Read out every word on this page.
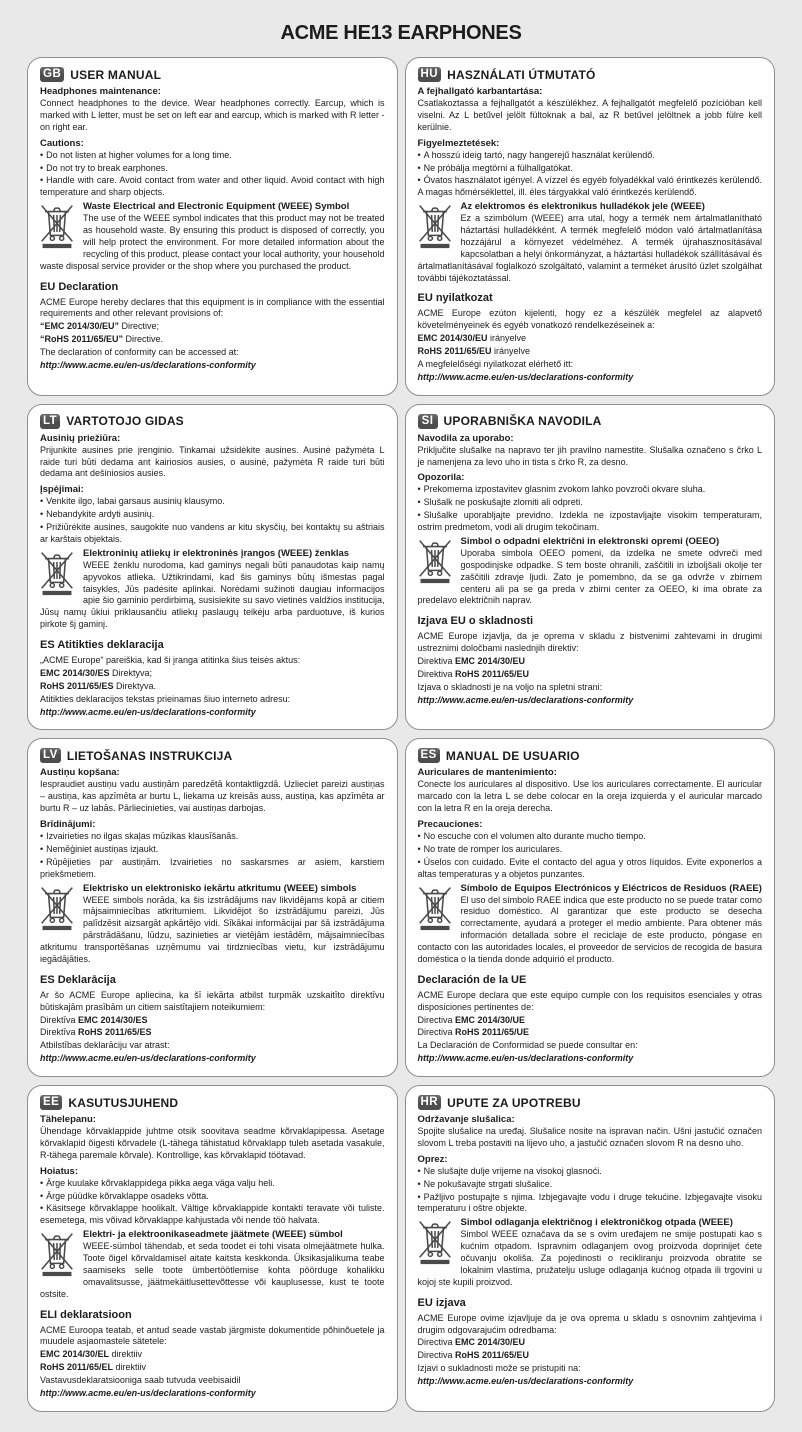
ACME HE13 EARPHONES
GB USER MANUAL
Headphones maintenance:

Connect headphones to the device. Wear headphones correctly. Earcup, which is marked with L letter, must be set on left ear and earcup, which is marked with R letter - on right ear.

Cautions:

• Do not listen at higher volumes for a long time.

• Do not try to break earphones.

• Handle with care. Avoid contact from water and other liquid. Avoid contact with high temperature and sharp objects.

Waste Electrical and Electronic Equipment (WEEE) Symbol

The use of the WEEE symbol indicates that this product may not be treated as household waste. By ensuring this product is disposed of correctly, you will help protect the environment. For more detailed information about the recycling of this product, please contact your local authority, your household waste disposal service provider or the shop where you purchased the product.

EU Declaration

ACME Europe hereby declares that this equipment is in compliance with the essential requirements and other relevant provisions of:

“EMC 2014/30/EU” Directive;

“RoHS 2011/65/EU” Directive.

The declaration of conformity can be accessed at:

http://www.acme.eu/en-us/declarations-conformity

HU HASZNÁLATI ÚTMUTATÓ
A fejhallgató karbantartása:

Csatlakoztassa a fejhallgatót a készülékhez. A fejhallgatót megfelelő pozícióban kell viselni. Az L betűvel jelölt fültoknak a bal, az R betűvel jelöltnek a jobb fülre kell kerülnie.

Figyelmeztetések:

• A hosszú ideig tartó, nagy hangerejű használat kerülendő.

• Ne próbálja megtörni a fülhallgatókat.

• Óvatos használatot igényel. A vízzel és egyéb folyadékkal való érintkezés kerülendő. A magas hőmérséklettel, ill. éles tárgyakkal való érintkezés kerülendő.

Az elektromos és elektronikus hulladékok jele (WEEE)

Ez a szimbólum (WEEE) arra utal, hogy a termék nem ártalmatlanítható háztartási hulladékként. A termék megfelelő módon való ártalmatlanítása hozzájárul a környezet védelméhez. A termék újrahasznosításával kapcsolatban a helyi önkormányzat, a háztartási hulladékok szállításával és ártalmatlanításával foglalkozó szolgáltató, valamint a terméket árusító üzlet szolgálhat további tájékoztatással.

EU nyilatkozat

ACME Europe ezúton kijelenti, hogy ez a készülék megfelel az alapvető követelményeinek és egyéb vonatkozó rendelkezéseinek a:

EMC 2014/30/EU irányelve

RoHS 2011/65/EU irányelve

A megfelelőségi nyilatkozat elérhető itt:

http://www.acme.eu/en-us/declarations-conformity

LT VARTOTOJO GIDAS
Ausinių priežiūra:

Prijunkite ausines prie įrenginio. Tinkamai užsidėkite ausines. Ausinė pažymėta L raide turi būti dedama ant kairiosios ausies, o ausinė, pažymėta R raide turi būti dedama ant dešiniosios ausies.

Įspėjimai:

• Venkite ilgo, labai garsaus ausinių klausymo.

• Nebandykite ardyti ausinių.

• Prižiūrėkite ausines, saugokite nuo vandens ar kitu skysčių, bei kontaktų su aštriais ar karštais objektais.

Elektroninių atliekų ir elektroninės įrangos (WEEE) ženklas

WEEE ženklu nurodoma, kad gaminys negali būti panaudotas kaip namų apyvokos atlieka. Užtikrindami, kad šis gaminys būtų išmestas pagal taisykles, Jūs padėsite aplinkai. Norėdami sužinoti daugiau informacijos apie šio gaminio perdirbimą, susisiekite su savo vietinės valdžios institucija, Jūsų namų ūkiui priklausančiu atliekų paslaugų teikėju arba parduotuve, iš kurios pirkote šį gaminį.

ES Atitikties deklaracija

„ACME Europe“ pareiškia, kad ši įranga atitinka šius teisės aktus:

EMC 2014/30/ES Direktyva;

RoHS 2011/65/ES Direktyva.

Atitikties deklaracijos tekstas prieinamas šiuo interneto adresu:

http://www.acme.eu/en-us/declarations-conformity

SI UPORABNIŠKA NAVODILA
Navodila za uporabo:

Priključite slušalke na napravo ter jih pravilno namestite. Slušalka označeno s črko L je namenjena za levo uho in tista s črko R, za desno.

Opozorila:

• Prekomerna izpostavitev glasnim zvokom lahko povzroči okvare sluha.

• Slušalk ne poskušajte zlomiti ali odpreti.

• Slušalke uporabljajte previdno. Izdekla ne izpostavljajte visokim temperaturam, ostrim predmetom, vodi ali drugim tekočinam.

Simbol o odpadni električni in elektronski opremi (OEEO)

Uporaba simbola OEEO pomeni, da izdelka ne smete odvreči med gospodinjske odpadke. S tem boste ohranili, zaščitili in izboljšali okolje ter zaščitili zdravje ljudi. Zato je pomembno, da se ga odvrže v zbirnem centeru ali pa se ga preda v zbirni center za OEEO, ki ima obrate za predelavo električnih naprav.

Izjava EU o skladnosti

ACME Europe izjavlja, da je oprema v skladu z bistvenimi zahtevami in drugimi ustreznimi določbami naslednjih direktiv:

Direktiva EMC 2014/30/EU

Direktiva RoHS 2011/65/EU

Izjava o skladnosti je na voljo na spletni strani:

http://www.acme.eu/en-us/declarations-conformity

LV LIETOŠANAS INSTRUKCIJA
Austiņu kopšana:

Iespraudiet austiņu vadu austiņām paredzētā kontaktligzdā. Uzlieciet pareizi austiņas – austiņa, kas apzīmēta ar burtu L, liekama uz kreisās auss, austiņa, kas apzīmēta ar burtu R – uz labās. Pārliecinieties, vai austiņas darbojas.

Brīdinājumi:

• Izvairieties no ilgas skaļas mūzikas klausīšanās.

• Nemēģiniet austiņas izjaukt.

• Rūpējieties par austiņām. Izvairieties no saskarsmes ar asiem, karstiem priekšmetiem.

Elektrisko un elektronisko iekārtu atkritumu (WEEE) simbols

WEEE simbols norāda, ka šis izstrādājums nav likvidējams kopā ar citiem mājsaimniecības atkritumiem. Likvidējot šo izstrādājumu pareizi, Jūs palīdzēsit aizsargāt apkārtējo vidi. Sīkākai informācijai par šā izstrādājuma pārstrādāšanu, lūdzu, sazinieties ar vietējām iestādēm, mājsaimniecības atkritumu transportēšanas uzņēmumu vai tirdzniecības vietu, kur izstrādājumu iegādājāties.

ES Deklarācija

Ar šo ACME Europe apliecina, ka šī iekārta atbilst turpmāk uzskaitīto direktīvu būtiskajām prasībām un citiem saistītajiem noteikumiem:

Direktīva EMC 2014/30/ES

Direktīva RoHS 2011/65/ES

Atbilstības deklarāciju var atrast:

http://www.acme.eu/en-us/declarations-conformity

ES MANUAL DE USUARIO
Auriculares de mantenimiento:

Conecte los auriculares al dispositivo. Use los auriculares correctamente. El auricular marcado con la letra L se debe colocar en la oreja izquierda y el auricular marcado con la letra R en la oreja derecha.

Precauciones:

• No escuche con el volumen alto durante mucho tiempo.

• No trate de romper los auriculares.

• Úselos con cuidado. Evite el contacto del agua y otros líquidos. Evite exponerlos a altas temperaturas y a objetos punzantes.

Símbolo de Equipos Electrónicos y Eléctricos de Residuos (RAEE)

El uso del símbolo RAEE indica que este producto no se puede tratar como residuo doméstico. Al garantizar que este producto se desecha correctamente, ayudará a proteger el medio ambiente. Para obtener más información detallada sobre el reciclaje de este producto, póngase en contacto con las autoridades locales, el proveedor de servicios de recogida de basura doméstica o la tienda donde adquirió el producto.

Declaración de la UE

ACME Europe declara que este equipo cumple con los requisitos esenciales y otras disposiciones pertinentes de:

Directiva EMC 2014/30/UE

Directiva RoHS 2011/65/UE

La Declaración de Conformidad se puede consultar en:

http://www.acme.eu/en-us/declarations-conformity

EE KASUTUSJUHEND
Tähelepanu:

Ühendage kõrvaklappide juhtme otsik soovitava seadme kõrvaklapipessa. Asetage kõrvaklapid õigesti kõrvadele (L-tähega tähistatud kõrvaklapp tuleb asetada vasakule, R-tähega paremale kõrvale). Kontrollige, kas kõrvaklapid töötavad.

Hoiatus:

• Ärge kuulake kõrvaklappidega pikka aega väga valju heli.

• Ärge püüdke kõrvaklappe osadeks võtta.

• Käsitsege kõrvaklappe hoolikalt. Vältige kõrvaklappide kontakti teravate või tuliste. esemetega, mis võivad kõrvaklappe kahjustada või nende töö halvata.

Elektri- ja elektroonikaseadmete jäätmete (WEEE) sümbol

WEEE-sümbol tähendab, et seda toodet ei tohi visata olmejäätmete hulka. Toote õigel kõrvaldamisel aitate kaitsta keskkonda. Üksikasjalikuma teabe saamiseks selle toote ümbertöötlemise kohta pöörduge kohalikku omavalitsusse, jäätmekäitlusettevõttesse või kauplusesse, kust te toote ostsite.

ELI deklaratsioon

ACME Euroopa teatab, et antud seade vastab järgmiste dokumentide põhinõuetele ja muudele asjaomastele sätetele:

EMC 2014/30/EL direktiiv

RoHS 2011/65/EL direktiiv

Vastavusdeklaratsiooniga saab tutvuda veebisaidil

http://www.acme.eu/en-us/declarations-conformity

HR UPUTE ZA UPOTREBU
Održavanje slušalica:

Spojite slušalice na uređaj. Slušalice nosite na ispravan način. Ušni jastučić označen slovom L treba postaviti na lijevo uho, a jastučić označen slovom R na desno uho.

Oprez:

• Ne slušajte dulje vrijeme na visokoj glasnoći.

• Ne pokušavajte strgati slušalice.

• Pažljivo postupajte s njima. Izbjegavajte vodu i druge tekućine. Izbjegavajte visoku temperaturu i oštre objekte.

Simbol odlaganja električnog i elektroničkog otpada (WEEE)

Simbol WEEE označava da se s ovim uređajem ne smije postupati kao s kućnim otpadom. Ispravnim odlaganjem ovog proizvoda doprinijet ćete očuvanju okoliša. Za pojedinosti o recikliranju proizvoda obratite se lokalnim vlastima, pružatelju usluge odlaganja kućnog otpada ili trgovini u kojoj ste kupili proizvod.

EU izjava

ACME Europe ovime izjavljuje da je ova oprema u skladu s osnovnim zahtjevima i drugim odgovarajućim odredbama:

Directiva EMC 2014/30/EU

Directiva RoHS 2011/65/EU

Izjavi o sukladnosti može se pristupiti na:

http://www.acme.eu/en-us/declarations-conformity
